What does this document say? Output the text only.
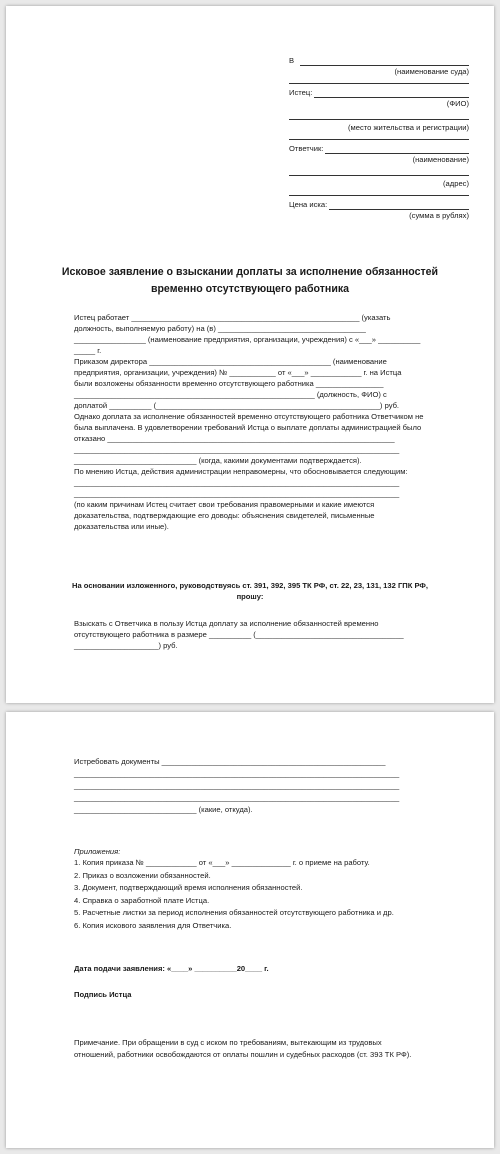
В
(наименование суда)
Истец:
(ФИО)
(место жительства и регистрации)
Ответчик:
(наименование)
(адрес)
Цена иска:
(сумма в рублях)
Исковое заявление о взыскании доплаты за исполнение обязанностей
временно отсутствующего работника
Истец работает ______________________________________________________ (указать
должность, выполняемую работу) на (в) ___________________________________
_________________ (наименование предприятия, организации, учреждения) с «___» __________
_____ г.
Приказом директора ___________________________________________ (наименование
предприятия, организации, учреждения) № ___________ от «___» ____________ г. на Истца
были возложены обязанности временно отсутствующего работника ________________
_________________________________________________________ (должность, ФИО) с
доплатой __________ (_____________________________________________________) руб.
Однако доплата за исполнение обязанностей временно отсутствующего работника Ответчиком не
была выплачена. В удовлетворении требований Истца о выплате доплаты администрацией было
отказано ____________________________________________________________________
_____________________________________________________________________________
_____________________________ (когда, какими документами подтверждается).
По мнению Истца, действия администрации неправомерны, что обосновывается следующим:
_____________________________________________________________________________
_____________________________________________________________________________
(по каким причинам Истец считает свои требования правомерными и какие имеются
доказательства, подтверждающие его доводы: объяснения свидетелей, письменные
доказательства или иные).
На основании изложенного, руководствуясь ст. 391, 392, 395 ТК РФ, ст. 22, 23, 131, 132 ГПК РФ,
прошу:
Взыскать с Ответчика в пользу Истца доплату за исполнение обязанностей временно
отсутствующего работника в размере __________ (___________________________________
____________________) руб.
Истребовать документы _____________________________________________________
_____________________________________________________________________________
_____________________________________________________________________________
_____________________________________________________________________________
_____________________________ (какие, откуда).
Приложения:
1. Копия приказа № ____________ от «___» ______________ г. о приеме на работу.
2. Приказ о возложении обязанностей.
3. Документ, подтверждающий время исполнения обязанностей.
4. Справка о заработной плате Истца.
5. Расчетные листки за период исполнения обязанностей отсутствующего работника и др.
6. Копия искового заявления для Ответчика.
Дата подачи заявления: «____» __________20____ г.
Подпись Истца
Примечание. При обращении в суд с иском по требованиям, вытекающим из трудовых
отношений, работники освобождаются от оплаты пошлин и судебных расходов (ст. 393 ТК РФ).
